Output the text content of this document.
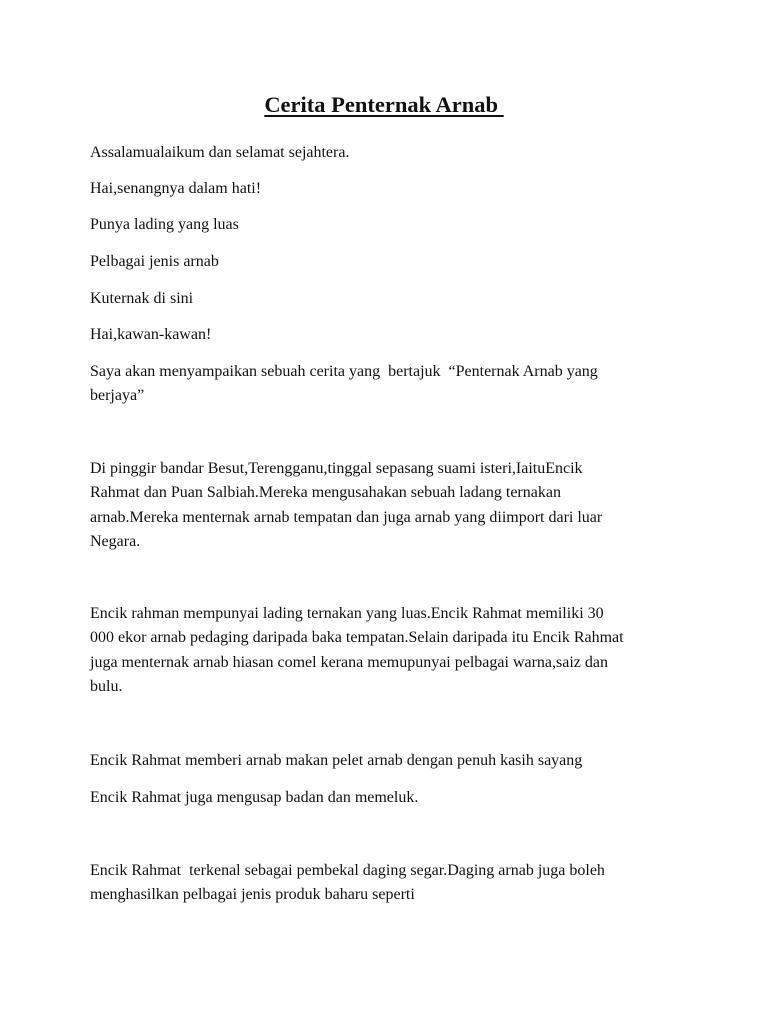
Cerita Penternak Arnab

Assalamualaikum dan selamat sejahtera.

Hai,senangnya dalam hati!

Punya lading yang luas

Pelbagai jenis arnab

Kuternak di sini

Hai,kawan-kawan!

Saya akan menyampaikan sebuah cerita yang  bertajuk  “Penternak Arnab yang
berjaya”
Di pinggir bandar Besut,Terengganu,tinggal sepasang suami isteri,IaituEncik
Rahmat dan Puan Salbiah.Mereka mengusahakan sebuah ladang ternakan
arnab.Mereka menternak arnab tempatan dan juga arnab yang diimport dari luar
Negara.
Encik rahman mempunyai lading ternakan yang luas.Encik Rahmat memiliki 30
000 ekor arnab pedaging daripada baka tempatan.Selain daripada itu Encik Rahmat
juga menternak arnab hiasan comel kerana memupunyai pelbagai warna,saiz dan
bulu.

Encik Rahmat memberi arnab makan pelet arnab dengan penuh kasih sayang

Encik Rahmat juga mengusap badan dan memeluk.

Encik Rahmat  terkenal sebagai pembekal daging segar.Daging arnab juga boleh
menghasilkan pelbagai jenis produk baharu seperti
